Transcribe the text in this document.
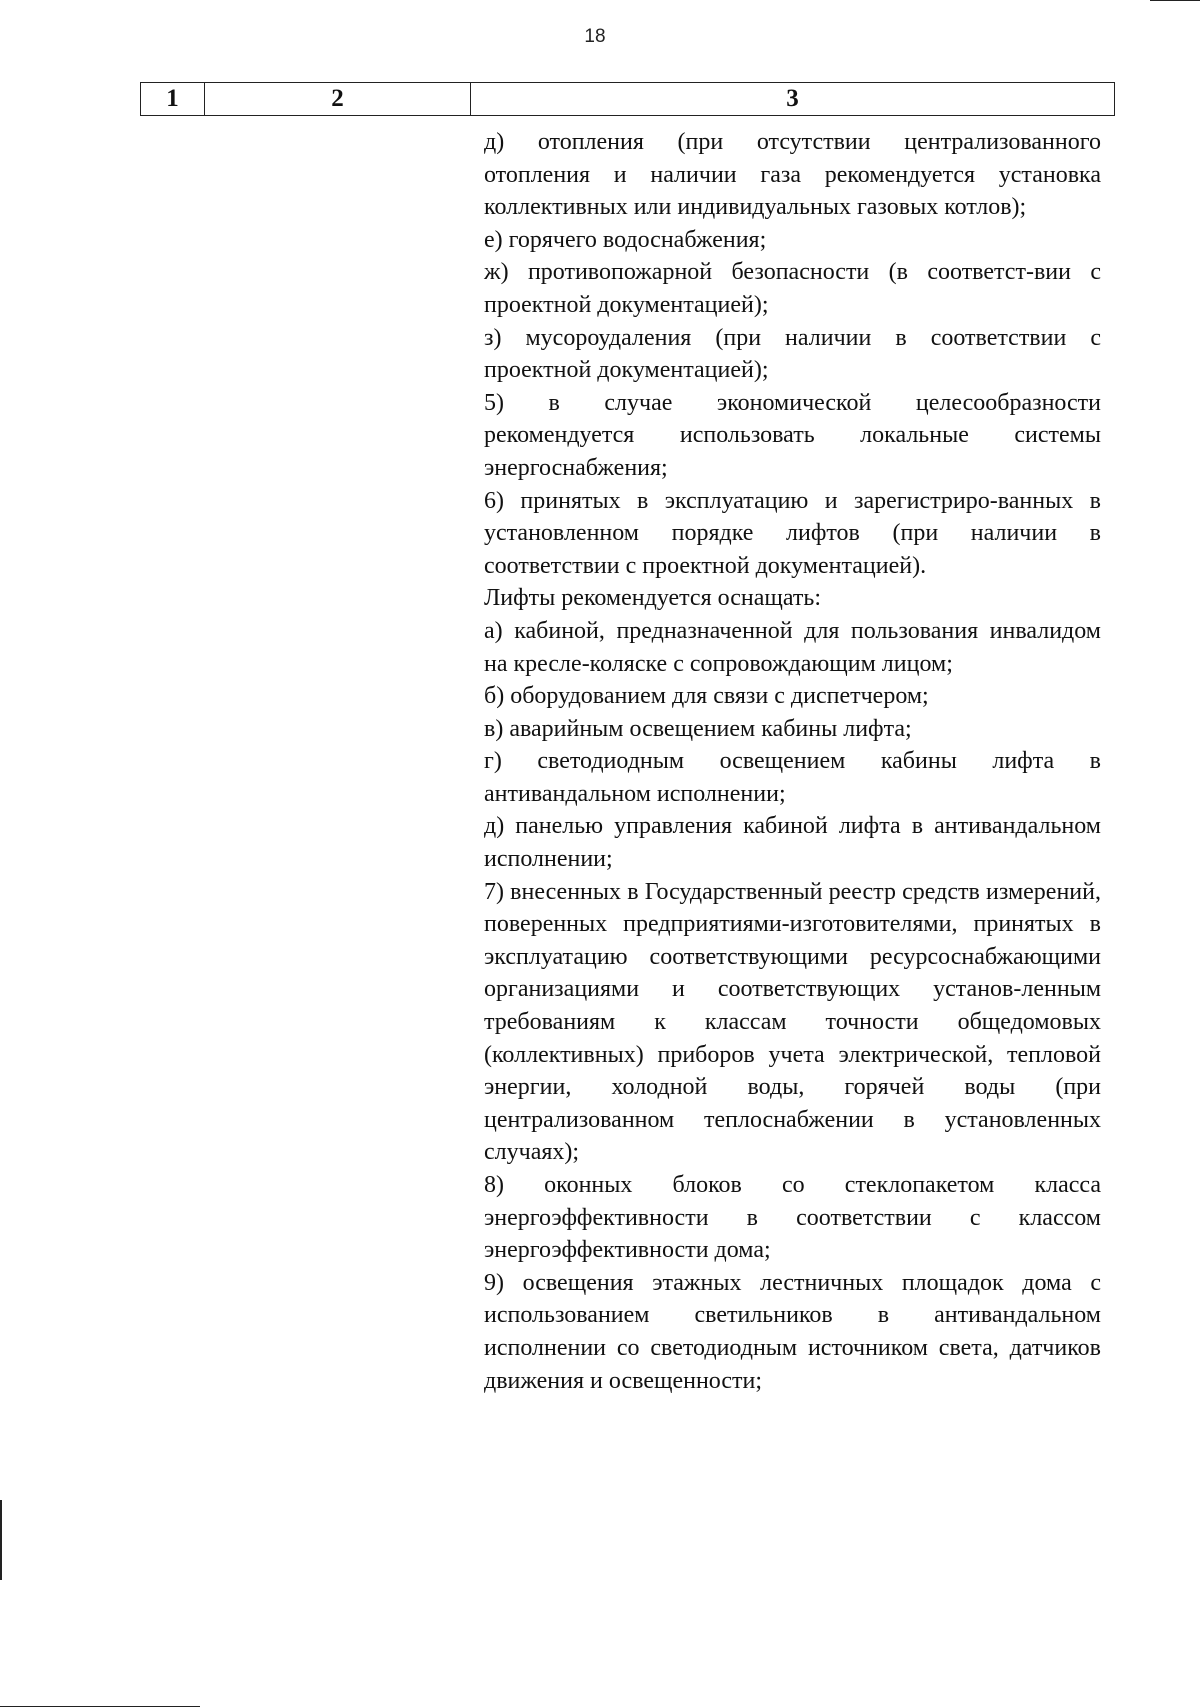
18
1	2	3

д) отопления (при отсутствии централизованного отопления и наличии газа рекомендуется установка коллективных или индивидуальных газовых котлов);

е) горячего водоснабжения;

ж) противопожарной безопасности (в соответст-вии с проектной документацией);

з) мусороудаления (при наличии в соответствии с проектной документацией);

5) в случае экономической целесообразности рекомендуется использовать локальные системы энергоснабжения;

6) принятых в эксплуатацию и зарегистриро-ванных в установленном порядке лифтов (при наличии в соответствии с проектной документацией).

Лифты рекомендуется оснащать:

а) кабиной, предназначенной для пользования инвалидом на кресле-коляске с сопровождающим лицом;

б) оборудованием для связи с диспетчером;

в) аварийным освещением кабины лифта;

г) светодиодным освещением кабины лифта в антивандальном исполнении;

д) панелью управления кабиной лифта в антивандальном исполнении;

7) внесенных в Государственный реестр средств измерений, поверенных предприятиями-изготовителями, принятых в эксплуатацию соответствующими ресурсоснабжающими организациями и соответствующих установ-ленным требованиям к классам точности общедомовых (коллективных) приборов учета электрической, тепловой энергии, холодной воды, горячей воды (при централизованном теплоснабжении в установленных случаях);

8) оконных блоков со стеклопакетом класса энергоэффективности в соответствии с классом энергоэффективности дома;

9) освещения этажных лестничных площадок дома с использованием светильников в антивандальном исполнении со светодиодным источником света, датчиков движения и освещенности;
